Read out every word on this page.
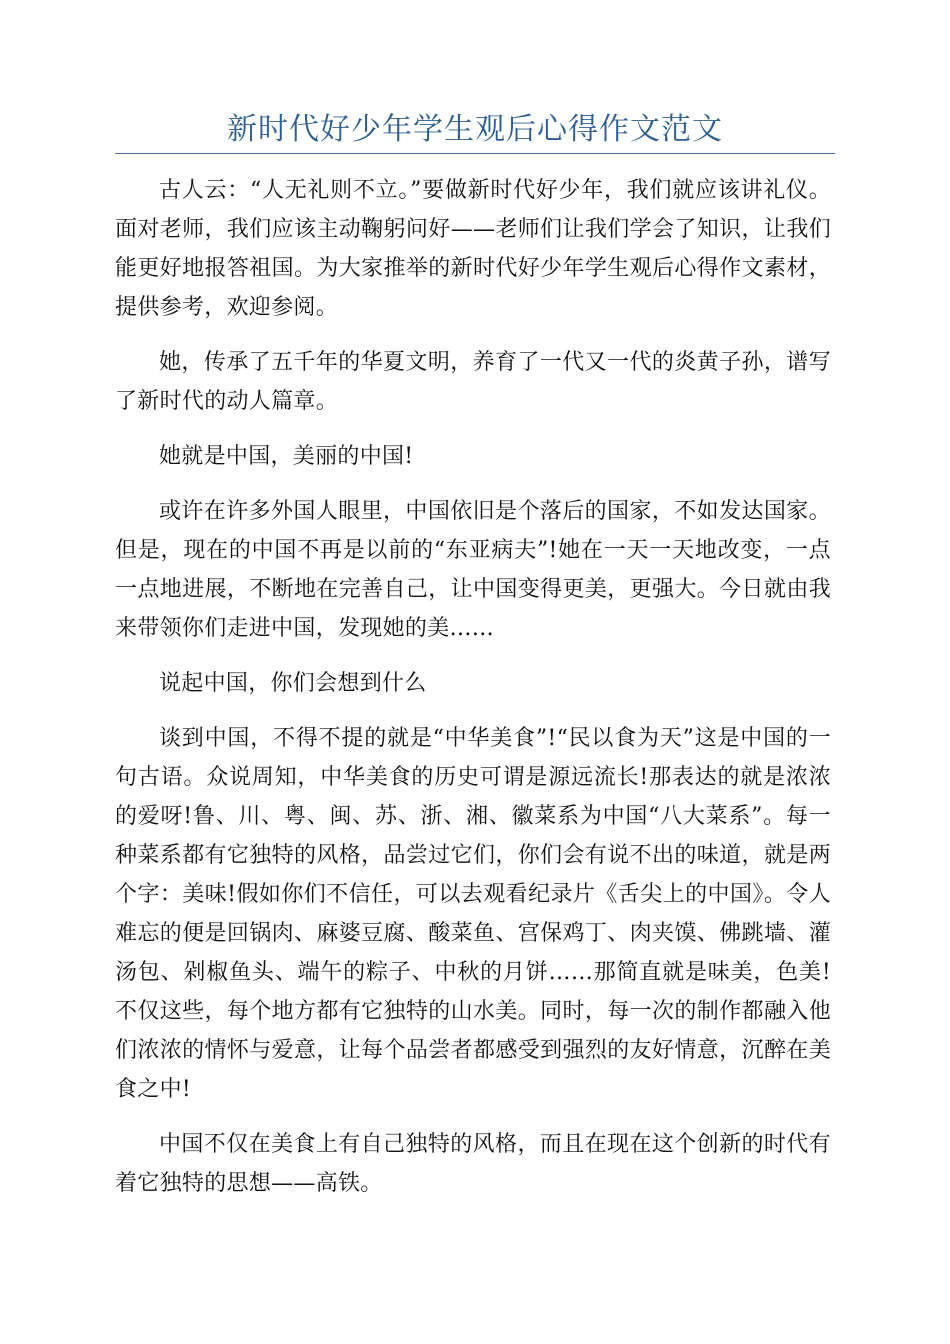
新时代好少年学生观后心得作文范文

古人云：“人无礼则不立。”要做新时代好少年，我们就应该讲礼仪。面对老师，我们应该主动鞠躬问好——老师们让我们学会了知识，让我们能更好地报答祖国。为大家推举的新时代好少年学生观后心得作文素材，提供参考，欢迎参阅。

她，传承了五千年的华夏文明，养育了一代又一代的炎黄子孙，谱写了新时代的动人篇章。

她就是中国，美丽的中国!

或许在许多外国人眼里，中国依旧是个落后的国家，不如发达国家。但是，现在的中国不再是以前的“东亚病夫”!她在一天一天地改变，一点一点地进展，不断地在完善自己，让中国变得更美，更强大。今日就由我来带领你们走进中国，发现她的美……

说起中国，你们会想到什么

谈到中国，不得不提的就是“中华美食”!“民以食为天”这是中国的一句古语。众说周知，中华美食的历史可谓是源远流长!那表达的就是浓浓的爱呀!鲁、川、粤、闽、苏、浙、湘、徽菜系为中国“八大菜系”。每一种菜系都有它独特的风格，品尝过它们，你们会有说不出的味道，就是两个字：美味!假如你们不信任，可以去观看纪录片《舌尖上的中国》。令人难忘的便是回锅肉、麻婆豆腐、酸菜鱼、宫保鸡丁、肉夹馍、佛跳墙、灌汤包、剁椒鱼头、端午的粽子、中秋的月饼……那简直就是味美，色美!不仅这些，每个地方都有它独特的山水美。同时，每一次的制作都融入他们浓浓的情怀与爱意，让每个品尝者都感受到强烈的友好情意，沉醉在美食之中!

中国不仅在美食上有自己独特的风格，而且在现在这个创新的时代有着它独特的思想——高铁。
